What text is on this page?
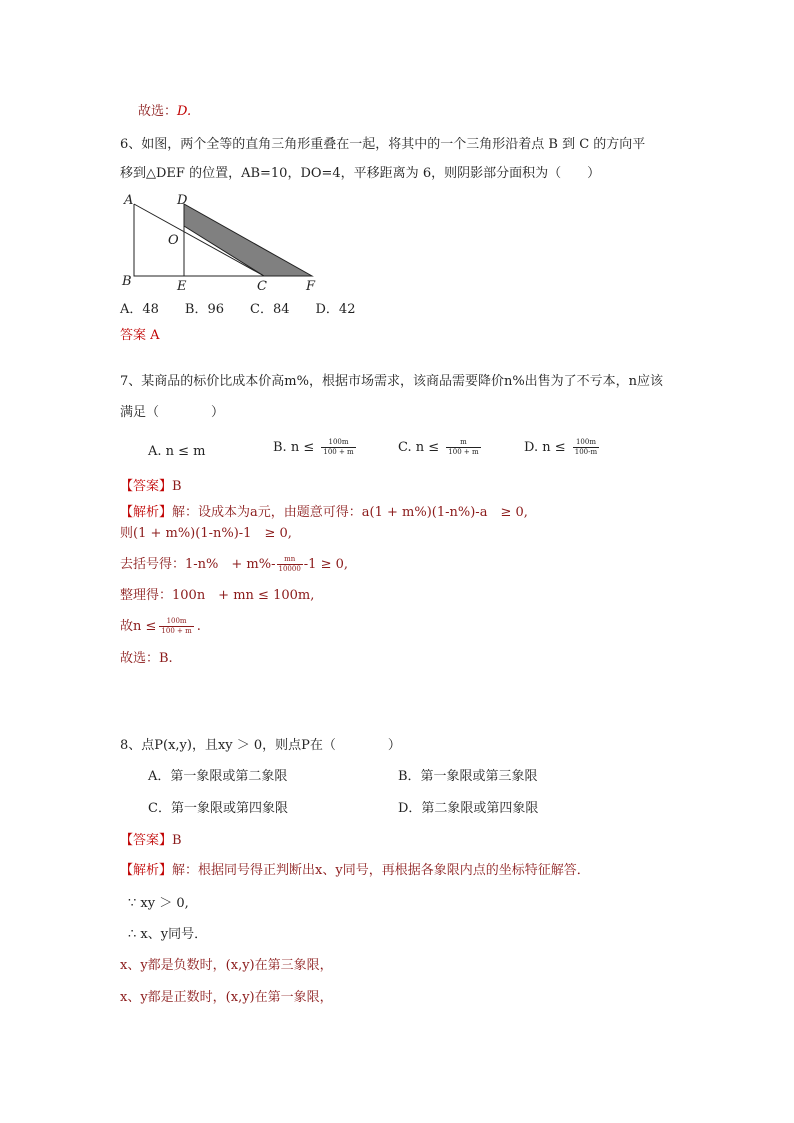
故选：D.
6、如图，两个全等的直角三角形重叠在一起，将其中的一个三角形沿着点 B 到 C 的方向平
移到△DEF 的位置，AB=10，DO=4，平移距离为 6，则阴影部分面积为（　　）
A	D
O
B	E	C	F
A．48　　B．96　　C．84　　D．42
答案 A
7、某商品的标价比成本价高m%，根据市场需求，该商品需要降价n%出售为了不亏本，n应该
满足（　　　　）
A. n ≤ m	B. $n \le \frac{100m}{100 + m}$	C. $n \le \frac{m}{100 + m}$	D. $n \le \frac{100m}{100-m}$
【答案】B
【解析】解：设成本为a元，由题意可得：a(1 + m%)(1-n%)-a　≥ 0,
则(1 + m%)(1-n%)-1　≥ 0,
去括号得：1-n%　+ $m\%- \frac{mn}{10000} -1 \ge 0$,
整理得：100n　+ mn ≤ 100m,
故$n \le \frac{100m}{100 + m}$ .
故选：B.
8、点P(x,y)，且xy ＞ 0，则点P在（　　　　）
A．第一象限或第二象限	B．第一象限或第三象限
C．第一象限或第四象限	D．第二象限或第四象限
【答案】B
【解析】解：根据同号得正判断出x、y同号，再根据各象限内点的坐标特征解答．
∵ xy ＞ 0,
∴ x、y同号．
x、y都是负数时，(x,y)在第三象限，
x、y都是正数时，(x,y)在第一象限，
